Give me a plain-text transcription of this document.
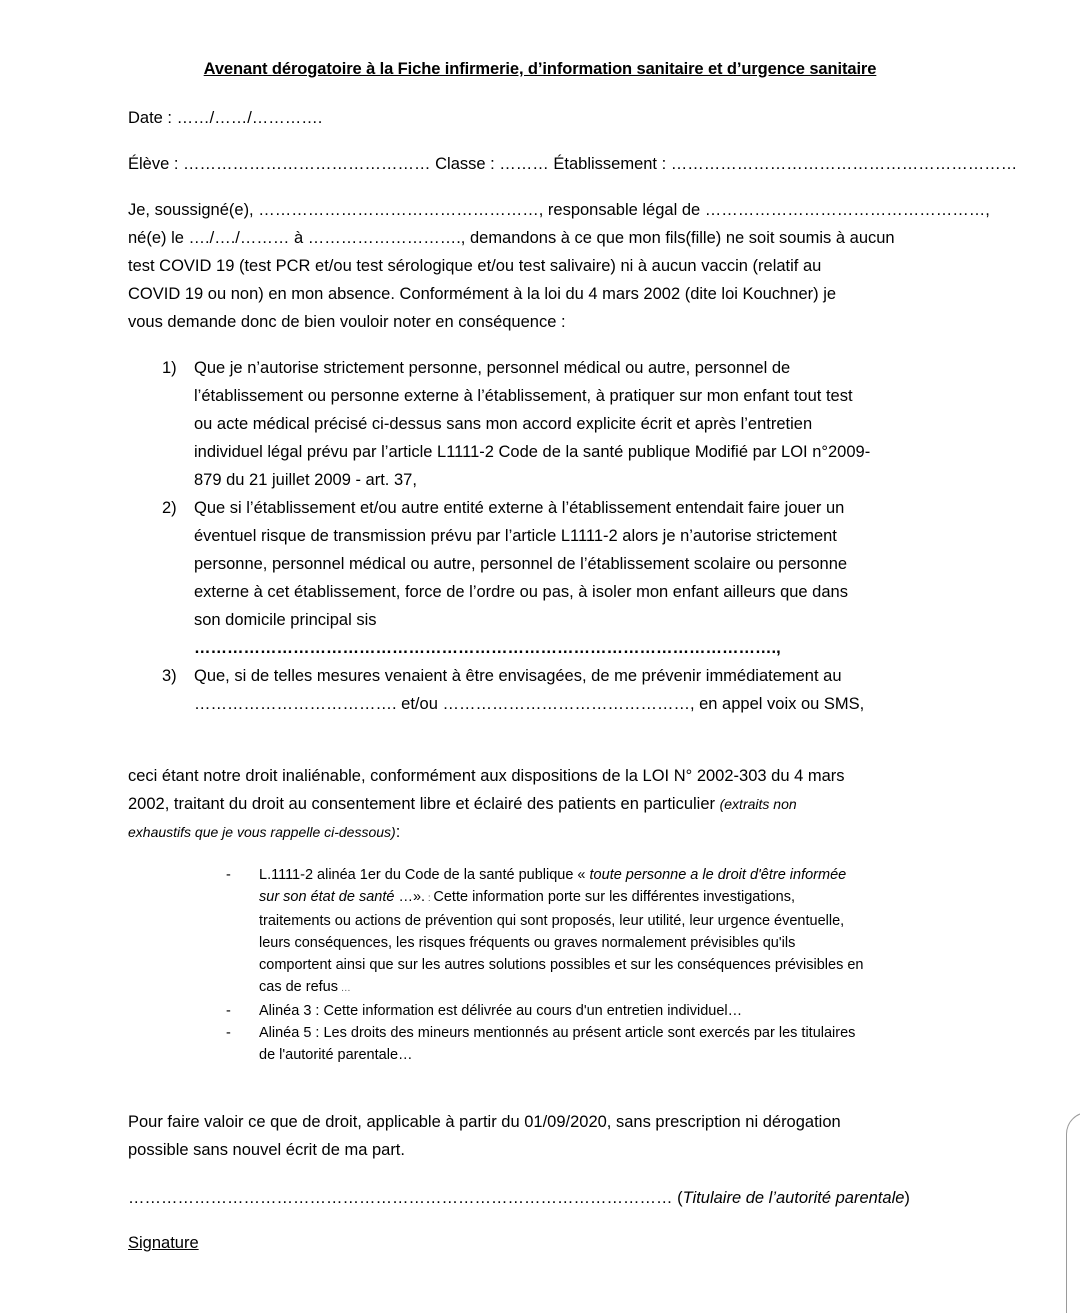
Avenant dérogatoire à la Fiche infirmerie, d’information sanitaire et d’urgence sanitaire
Date : ……/……/………….
Élève : ……………………………………… Classe : ……… Établissement : ………………………………………………………
Je, soussigné(e), ……………………………………………, responsable légal de ……………………………………………,
né(e) le …./…./……… à ………………………., demandons à ce que mon fils(fille) ne soit soumis à aucun
test COVID 19 (test PCR et/ou test sérologique et/ou test salivaire) ni à aucun vaccin (relatif au
COVID 19 ou non) en mon absence. Conformément à la loi du 4 mars 2002 (dite loi Kouchner) je
vous demande donc de bien vouloir noter en conséquence :
1) Que je n’autorise strictement personne, personnel médical ou autre, personnel de
l’établissement ou personne externe à l’établissement, à pratiquer sur mon enfant tout test
ou acte médical précisé ci-dessus sans mon accord explicite écrit et après l’entretien
individuel légal prévu par l’article L1111-2 Code de la santé publique Modifié par LOI n°2009-
879 du 21 juillet 2009 - art. 37,
2) Que si l’établissement et/ou autre entité externe à l’établissement entendait faire jouer un
éventuel risque de transmission prévu par l’article L1111-2 alors je n’autorise strictement
personne, personnel médical ou autre, personnel de l’établissement scolaire ou personne
externe à cet établissement, force de l’ordre ou pas, à isoler mon enfant ailleurs que dans
son domicile principal sis
…………………………………………………………………………………………….,
3) Que, si de telles mesures venaient à être envisagées, de me prévenir immédiatement au
………………………………. et/ou ………………………………………, en appel voix ou SMS,
ceci étant notre droit inaliénable, conformément aux dispositions de la LOI N° 2002-303 du 4 mars
2002, traitant du droit au consentement libre et éclairé des patients en particulier (extraits non
exhaustifs que je vous rappelle ci-dessous):
- L.1111-2 alinéa 1er du Code de la santé publique « toute personne a le droit d'être informée
sur son état de santé …». : Cette information porte sur les différentes investigations,
traitements ou actions de prévention qui sont proposés, leur utilité, leur urgence éventuelle,
leurs conséquences, les risques fréquents ou graves normalement prévisibles qu'ils
comportent ainsi que sur les autres solutions possibles et sur les conséquences prévisibles en
cas de refus …
- Alinéa 3 : Cette information est délivrée au cours d'un entretien individuel…
- Alinéa 5 : Les droits des mineurs mentionnés au présent article sont exercés par les titulaires
de l'autorité parentale…
Pour faire valoir ce que de droit, applicable à partir du 01/09/2020, sans prescription ni dérogation
possible sans nouvel écrit de ma part.
……………………………………………………………………………………… (Titulaire de l’autorité parentale)
Signature
